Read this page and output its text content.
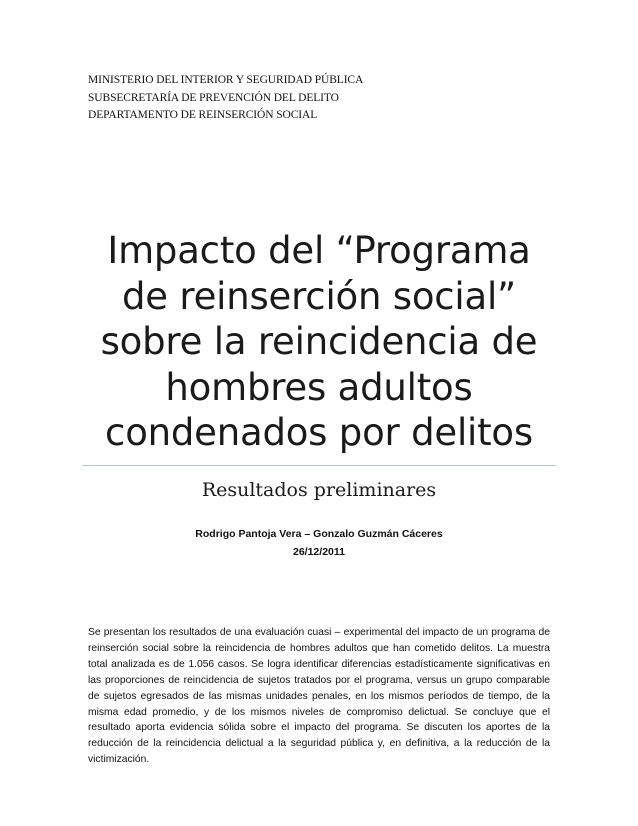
MINISTERIO DEL INTERIOR Y SEGURIDAD PÚBLICA
SUBSECRETARÍA DE PREVENCIÓN DEL DELITO
DEPARTAMENTO DE REINSERCIÓN SOCIAL
Impacto del “Programa
de reinserción social”
sobre la reincidencia de
hombres adultos
condenados por delitos
Resultados preliminares
Rodrigo Pantoja Vera – Gonzalo Guzmán Cáceres
26/12/2011
Se presentan los resultados de una evaluación cuasi – experimental del impacto de un programa de reinserción social sobre la reincidencia de hombres adultos que han cometido delitos. La muestra total analizada es de 1.056 casos. Se logra identificar diferencias estadísticamente significativas en las proporciones de reincidencia de sujetos tratados por el programa, versus un grupo comparable de sujetos egresados de las mismas unidades penales, en los mismos períodos de tiempo, de la misma edad promedio, y de los mismos niveles de compromiso delictual. Se concluye que el resultado aporta evidencia sólida sobre el impacto del programa. Se discuten los aportes de la reducción de la reincidencia delictual a la seguridad pública y, en definitiva, a la reducción de la victimización.
